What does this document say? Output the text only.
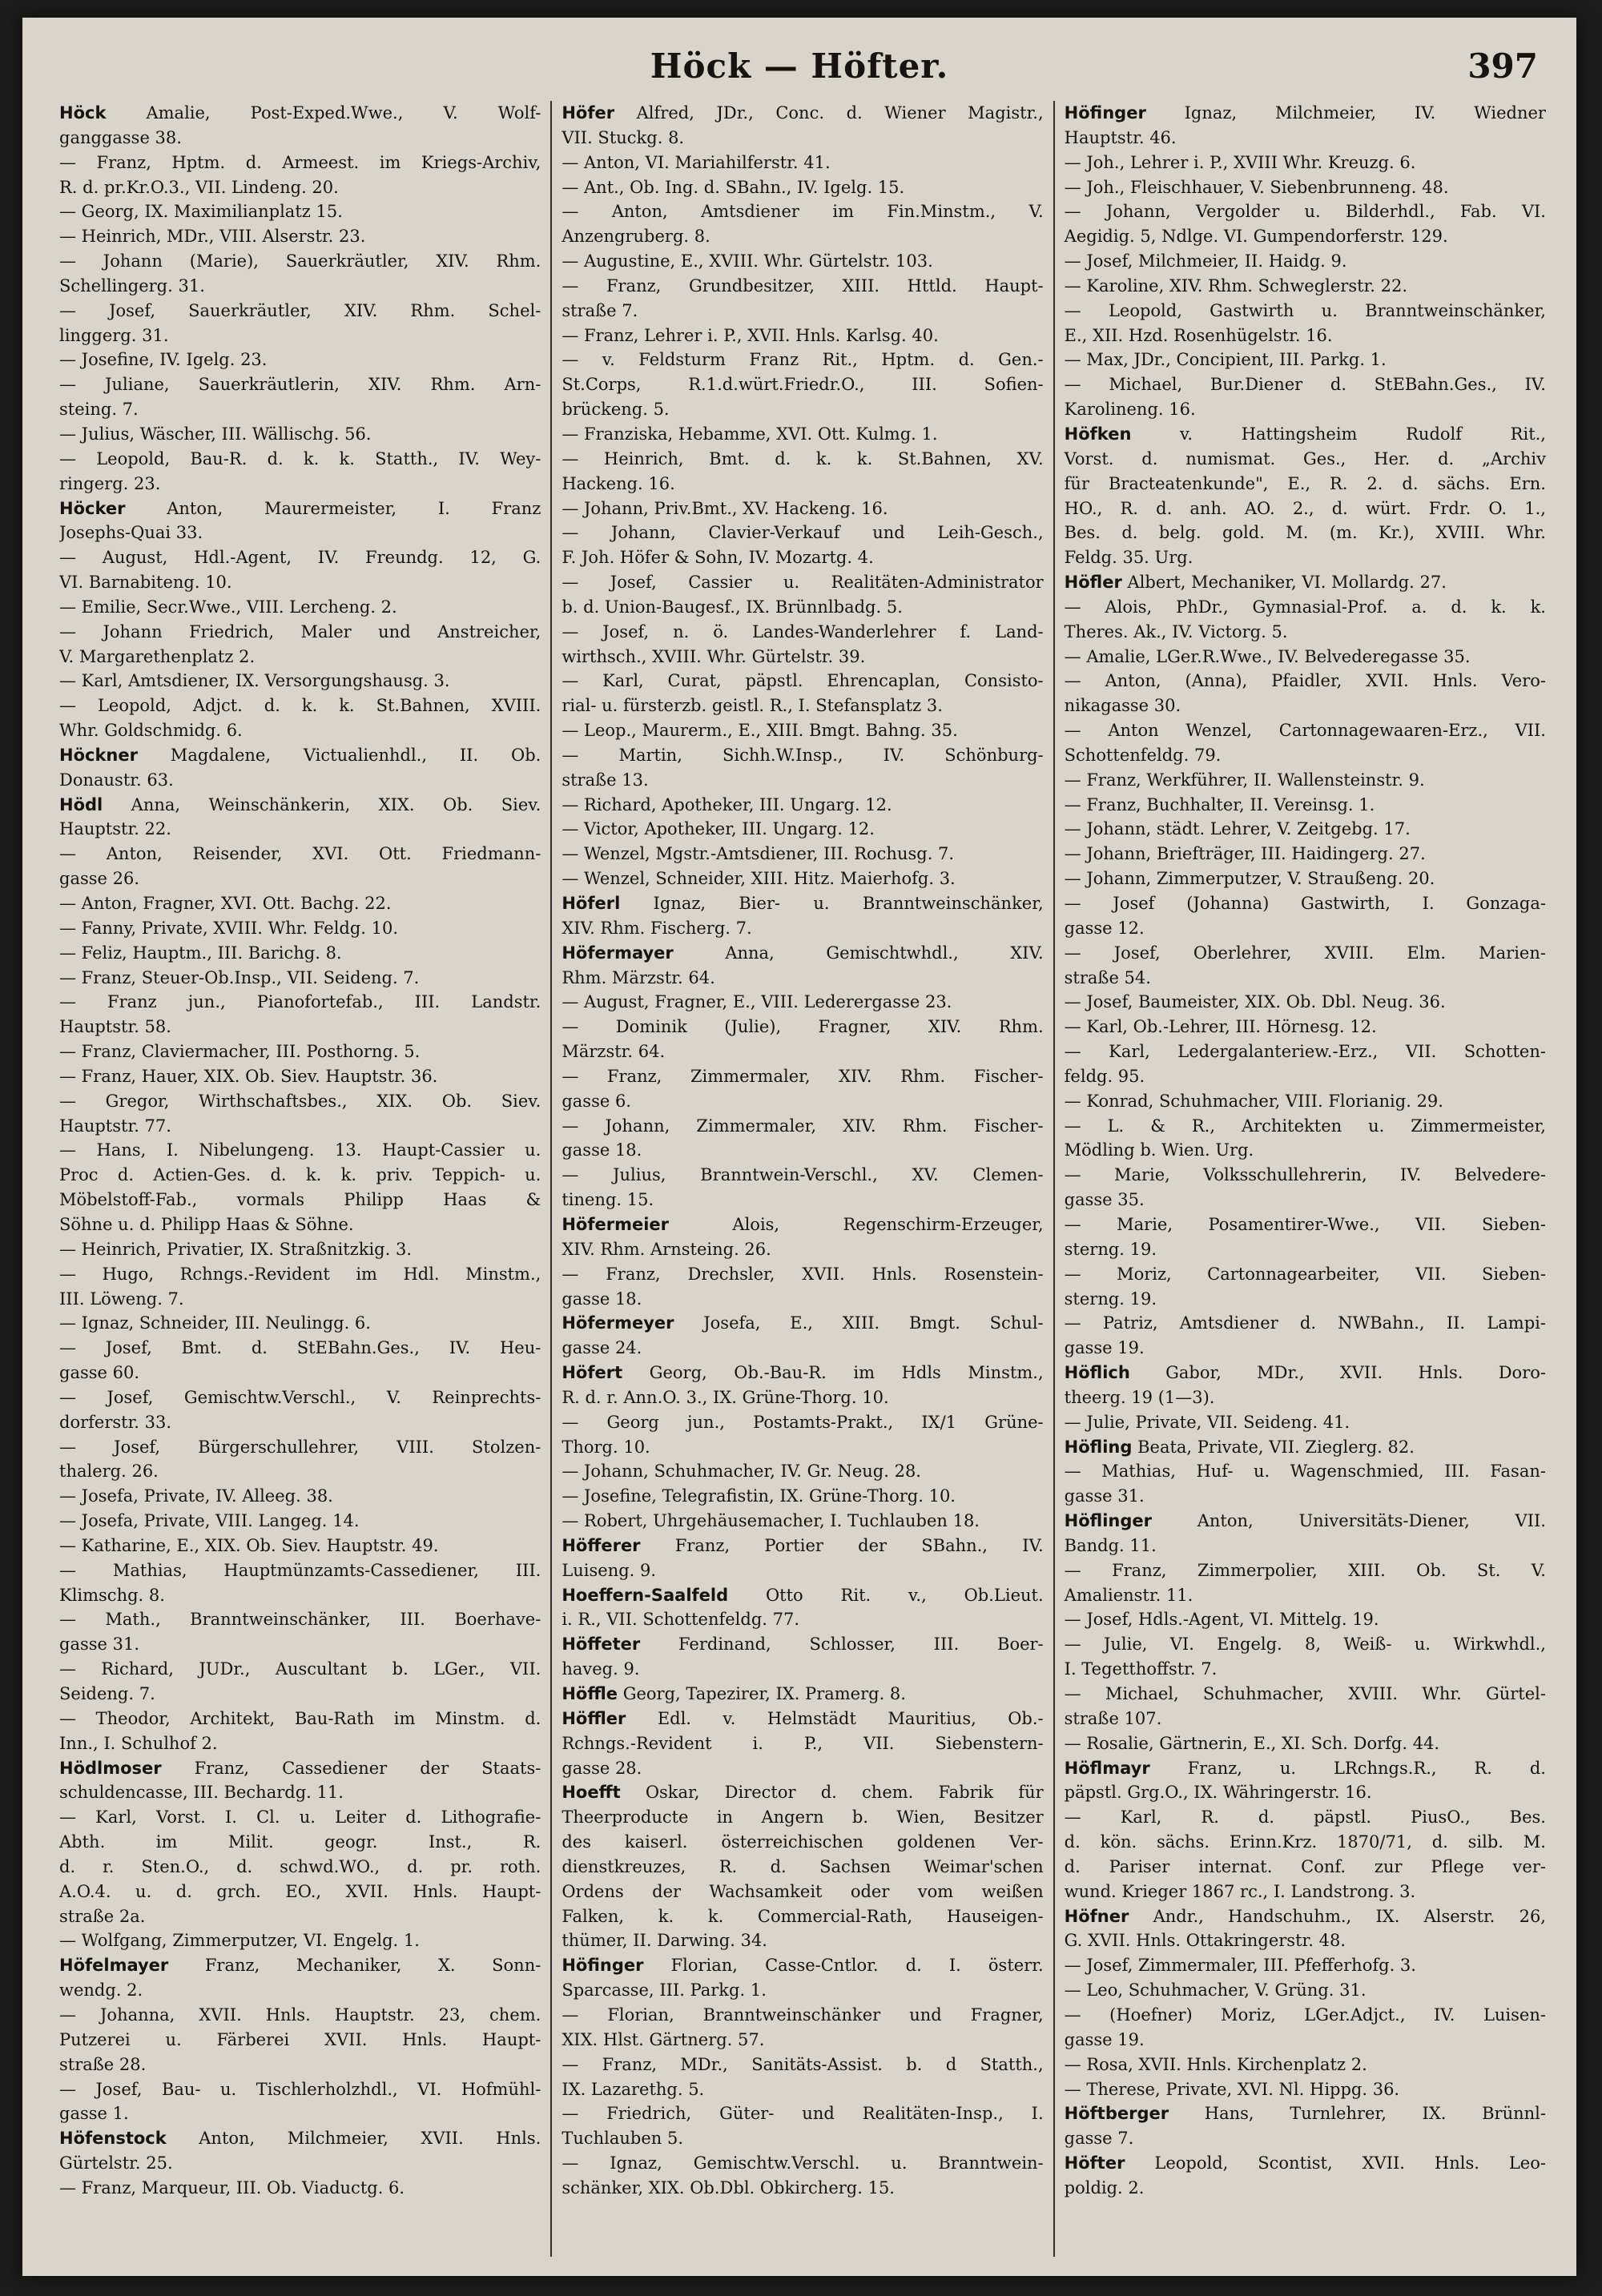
Höck — Höfter.	397
Höck Amalie, Post-Exped.Wwe., V. Wolf-
ganggasse 38.
— Franz, Hptm. d. Armeest. im Kriegs-Archiv,
R. d. pr.Kr.O.3., VII. Lindeng. 20.
— Georg, IX. Maximilianplatz 15.
— Heinrich, MDr., VIII. Alserstr. 23.
— Johann (Marie), Sauerkräutler, XIV. Rhm.
Schellingerg. 31.
— Josef, Sauerkräutler, XIV. Rhm. Schel-
linggerg. 31.
— Josefine, IV. Igelg. 23.
— Juliane, Sauerkräutlerin, XIV. Rhm. Arn-
steing. 7.
— Julius, Wäscher, III. Wällischg. 56.
— Leopold, Bau-R. d. k. k. Statth., IV. Wey-
ringerg. 23.
Höcker Anton, Maurermeister, I. Franz
Josephs-Quai 33.
— August, Hdl.-Agent, IV. Freundg. 12, G.
VI. Barnabiteng. 10.
— Emilie, Secr.Wwe., VIII. Lercheng. 2.
— Johann Friedrich, Maler und Anstreicher,
V. Margarethenplatz 2.
— Karl, Amtsdiener, IX. Versorgungshausg. 3.
— Leopold, Adjct. d. k. k. St.Bahnen, XVIII.
Whr. Goldschmidg. 6.
Höckner Magdalene, Victualienhdl., II. Ob.
Donaustr. 63.
Hödl Anna, Weinschänkerin, XIX. Ob. Siev.
Hauptstr. 22.
— Anton, Reisender, XVI. Ott. Friedmann-
gasse 26.
— Anton, Fragner, XVI. Ott. Bachg. 22.
— Fanny, Private, XVIII. Whr. Feldg. 10.
— Feliz, Hauptm., III. Barichg. 8.
— Franz, Steuer-Ob.Insp., VII. Seideng. 7.
— Franz jun., Pianofortefab., III. Landstr.
Hauptstr. 58.
— Franz, Claviermacher, III. Posthorng. 5.
— Franz, Hauer, XIX. Ob. Siev. Hauptstr. 36.
— Gregor, Wirthschaftsbes., XIX. Ob. Siev.
Hauptstr. 77.
— Hans, I. Nibelungeng. 13. Haupt-Cassier u.
Proc d. Actien-Ges. d. k. k. priv. Teppich- u.
Möbelstoff-Fab., vormals Philipp Haas &
Söhne u. d. Philipp Haas & Söhne.
— Heinrich, Privatier, IX. Straßnitzkig. 3.
— Hugo, Rchngs.-Revident im Hdl. Minstm.,
III. Löweng. 7.
— Ignaz, Schneider, III. Neulingg. 6.
— Josef, Bmt. d. StEBahn.Ges., IV. Heu-
gasse 60.
— Josef, Gemischtw.Verschl., V. Reinprechts-
dorferstr. 33.
— Josef, Bürgerschullehrer, VIII. Stolzen-
thalerg. 26.
— Josefa, Private, IV. Alleeg. 38.
— Josefa, Private, VIII. Langeg. 14.
— Katharine, E., XIX. Ob. Siev. Hauptstr. 49.
— Mathias, Hauptmünzamts-Cassediener, III.
Klimschg. 8.
— Math., Branntweinschänker, III. Boerhave-
gasse 31.
— Richard, JUDr., Auscultant b. LGer., VII.
Seideng. 7.
— Theodor, Architekt, Bau-Rath im Minstm. d.
Inn., I. Schulhof 2.
Hödlmoser Franz, Cassediener der Staats-
schuldencasse, III. Bechardg. 11.
— Karl, Vorst. I. Cl. u. Leiter d. Lithografie-
Abth. im Milit. geogr. Inst., R.
d. r. Sten.O., d. schwd.WO., d. pr. roth.
A.O.4. u. d. grch. EO., XVII. Hnls. Haupt-
straße 2a.
— Wolfgang, Zimmerputzer, VI. Engelg. 1.
Höfelmayer Franz, Mechaniker, X. Sonn-
wendg. 2.
— Johanna, XVII. Hnls. Hauptstr. 23, chem.
Putzerei u. Färberei XVII. Hnls. Haupt-
straße 28.
— Josef, Bau- u. Tischlerholzhdl., VI. Hofmühl-
gasse 1.
Höfenstock Anton, Milchmeier, XVII. Hnls.
Gürtelstr. 25.
— Franz, Marqueur, III. Ob. Viaductg. 6.
Höfer Alfred, JDr., Conc. d. Wiener Magistr.,
VII. Stuckg. 8.
— Anton, VI. Mariahilferstr. 41.
— Ant., Ob. Ing. d. SBahn., IV. Igelg. 15.
— Anton, Amtsdiener im Fin.Minstm., V.
Anzengruberg. 8.
— Augustine, E., XVIII. Whr. Gürtelstr. 103.
— Franz, Grundbesitzer, XIII. Httld. Haupt-
straße 7.
— Franz, Lehrer i. P., XVII. Hnls. Karlsg. 40.
— v. Feldsturm Franz Rit., Hptm. d. Gen.-
St.Corps, R.1.d.würt.Friedr.O., III. Sofien-
brückeng. 5.
— Franziska, Hebamme, XVI. Ott. Kulmg. 1.
— Heinrich, Bmt. d. k. k. St.Bahnen, XV.
Hackeng. 16.
— Johann, Priv.Bmt., XV. Hackeng. 16.
— Johann, Clavier-Verkauf und Leih-Gesch.,
F. Joh. Höfer & Sohn, IV. Mozartg. 4.
— Josef, Cassier u. Realitäten-Administrator
b. d. Union-Baugesf., IX. Brünnlbadg. 5.
— Josef, n. ö. Landes-Wanderlehrer f. Land-
wirthsch., XVIII. Whr. Gürtelstr. 39.
— Karl, Curat, päpstl. Ehrencaplan, Consisto-
rial- u. fürsterzb. geistl. R., I. Stefansplatz 3.
— Leop., Maurerm., E., XIII. Bmgt. Bahng. 35.
— Martin, Sichh.W.Insp., IV. Schönburg-
straße 13.
— Richard, Apotheker, III. Ungarg. 12.
— Victor, Apotheker, III. Ungarg. 12.
— Wenzel, Mgstr.-Amtsdiener, III. Rochusg. 7.
— Wenzel, Schneider, XIII. Hitz. Maierhofg. 3.
Höferl Ignaz, Bier- u. Branntweinschänker,
XIV. Rhm. Fischerg. 7.
Höfermayer Anna, Gemischtwhdl., XIV.
Rhm. Märzstr. 64.
— August, Fragner, E., VIII. Lederergasse 23.
— Dominik (Julie), Fragner, XIV. Rhm.
Märzstr. 64.
— Franz, Zimmermaler, XIV. Rhm. Fischer-
gasse 6.
— Johann, Zimmermaler, XIV. Rhm. Fischer-
gasse 18.
— Julius, Branntwein-Verschl., XV. Clemen-
tineng. 15.
Höfermeier Alois, Regenschirm-Erzeuger,
XIV. Rhm. Arnsteing. 26.
— Franz, Drechsler, XVII. Hnls. Rosenstein-
gasse 18.
Höfermeyer Josefa, E., XIII. Bmgt. Schul-
gasse 24.
Höfert Georg, Ob.-Bau-R. im Hdls Minstm.,
R. d. r. Ann.O. 3., IX. Grüne-Thorg. 10.
— Georg jun., Postamts-Prakt., IX/1 Grüne-
Thorg. 10.
— Johann, Schuhmacher, IV. Gr. Neug. 28.
— Josefine, Telegrafistin, IX. Grüne-Thorg. 10.
— Robert, Uhrgehäusemacher, I. Tuchlauben 18.
Höfferer Franz, Portier der SBahn., IV.
Luiseng. 9.
Hoeffern-Saalfeld Otto Rit. v., Ob.Lieut.
i. R., VII. Schottenfeldg. 77.
Höffeter Ferdinand, Schlosser, III. Boer-
haveg. 9.
Höffle Georg, Tapezirer, IX. Pramerg. 8.
Höffler Edl. v. Helmstädt Mauritius, Ob.-
Rchngs.-Revident i. P., VII. Siebenstern-
gasse 28.
Hoefft Oskar, Director d. chem. Fabrik für
Theerproducte in Angern b. Wien, Besitzer
des kaiserl. österreichischen goldenen Ver-
dienstkreuzes, R. d. Sachsen Weimar'schen
Ordens der Wachsamkeit oder vom weißen
Falken, k. k. Commercial-Rath, Hauseigen-
thümer, II. Darwing. 34.
Höfinger Florian, Casse-Cntlor. d. I. österr.
Sparcasse, III. Parkg. 1.
— Florian, Branntweinschänker und Fragner,
XIX. Hlst. Gärtnerg. 57.
— Franz, MDr., Sanitäts-Assist. b. d Statth.,
IX. Lazarethg. 5.
— Friedrich, Güter- und Realitäten-Insp., I.
Tuchlauben 5.
— Ignaz, Gemischtw.Verschl. u. Branntwein-
schänker, XIX. Ob.Dbl. Obkircherg. 15.
Höfinger Ignaz, Milchmeier, IV. Wiedner
Hauptstr. 46.
— Joh., Lehrer i. P., XVIII Whr. Kreuzg. 6.
— Joh., Fleischhauer, V. Siebenbrunneng. 48.
— Johann, Vergolder u. Bilderhdl., Fab. VI.
Aegidig. 5, Ndlge. VI. Gumpendorferstr. 129.
— Josef, Milchmeier, II. Haidg. 9.
— Karoline, XIV. Rhm. Schweglerstr. 22.
— Leopold, Gastwirth u. Branntweinschänker,
E., XII. Hzd. Rosenhügelstr. 16.
— Max, JDr., Concipient, III. Parkg. 1.
— Michael, Bur.Diener d. StEBahn.Ges., IV.
Karolineng. 16.
Höfken v. Hattingsheim Rudolf Rit.,
Vorst. d. numismat. Ges., Her. d. „Archiv
für Bracteatenkunde", E., R. 2. d. sächs. Ern.
HO., R. d. anh. AO. 2., d. würt. Frdr. O. 1.,
Bes. d. belg. gold. M. (m. Kr.), XVIII. Whr.
Feldg. 35. Urg.
Höfler Albert, Mechaniker, VI. Mollardg. 27.
— Alois, PhDr., Gymnasial-Prof. a. d. k. k.
Theres. Ak., IV. Victorg. 5.
— Amalie, LGer.R.Wwe., IV. Belvederegasse 35.
— Anton, (Anna), Pfaidler, XVII. Hnls. Vero-
nikagasse 30.
— Anton Wenzel, Cartonnagewaaren-Erz., VII.
Schottenfeldg. 79.
— Franz, Werkführer, II. Wallensteinstr. 9.
— Franz, Buchhalter, II. Vereinsg. 1.
— Johann, städt. Lehrer, V. Zeitgebg. 17.
— Johann, Briefträger, III. Haidingerg. 27.
— Johann, Zimmerputzer, V. Straußeng. 20.
— Josef (Johanna) Gastwirth, I. Gonzaga-
gasse 12.
— Josef, Oberlehrer, XVIII. Elm. Marien-
straße 54.
— Josef, Baumeister, XIX. Ob. Dbl. Neug. 36.
— Karl, Ob.-Lehrer, III. Hörnesg. 12.
— Karl, Ledergalanteriew.-Erz., VII. Schotten-
feldg. 95.
— Konrad, Schuhmacher, VIII. Florianig. 29.
— L. & R., Architekten u. Zimmermeister,
Mödling b. Wien. Urg.
— Marie, Volksschullehrerin, IV. Belvedere-
gasse 35.
— Marie, Posamentirer-Wwe., VII. Sieben-
sterng. 19.
— Moriz, Cartonnagearbeiter, VII. Sieben-
sterng. 19.
— Patriz, Amtsdiener d. NWBahn., II. Lampi-
gasse 19.
Höflich Gabor, MDr., XVII. Hnls. Doro-
theerg. 19 (1—3).
— Julie, Private, VII. Seideng. 41.
Höfling Beata, Private, VII. Zieglerg. 82.
— Mathias, Huf- u. Wagenschmied, III. Fasan-
gasse 31.
Höflinger Anton, Universitäts-Diener, VII.
Bandg. 11.
— Franz, Zimmerpolier, XIII. Ob. St. V.
Amalienstr. 11.
— Josef, Hdls.-Agent, VI. Mittelg. 19.
— Julie, VI. Engelg. 8, Weiß- u. Wirkwhdl.,
I. Tegetthoffstr. 7.
— Michael, Schuhmacher, XVIII. Whr. Gürtel-
straße 107.
— Rosalie, Gärtnerin, E., XI. Sch. Dorfg. 44.
Höflmayr Franz, u. LRchngs.R., R. d.
päpstl. Grg.O., IX. Währingerstr. 16.
— Karl, R. d. päpstl. PiusO., Bes.
d. kön. sächs. Erinn.Krz. 1870/71, d. silb. M.
d. Pariser internat. Conf. zur Pflege ver-
wund. Krieger 1867 rc., I. Landstrong. 3.
Höfner Andr., Handschuhm., IX. Alserstr. 26,
G. XVII. Hnls. Ottakringerstr. 48.
— Josef, Zimmermaler, III. Pfefferhofg. 3.
— Leo, Schuhmacher, V. Grüng. 31.
— (Hoefner) Moriz, LGer.Adjct., IV. Luisen-
gasse 19.
— Rosa, XVII. Hnls. Kirchenplatz 2.
— Therese, Private, XVI. Nl. Hippg. 36.
Höftberger Hans, Turnlehrer, IX. Brünnl-
gasse 7.
Höfter Leopold, Scontist, XVII. Hnls. Leo-
poldig. 2.
